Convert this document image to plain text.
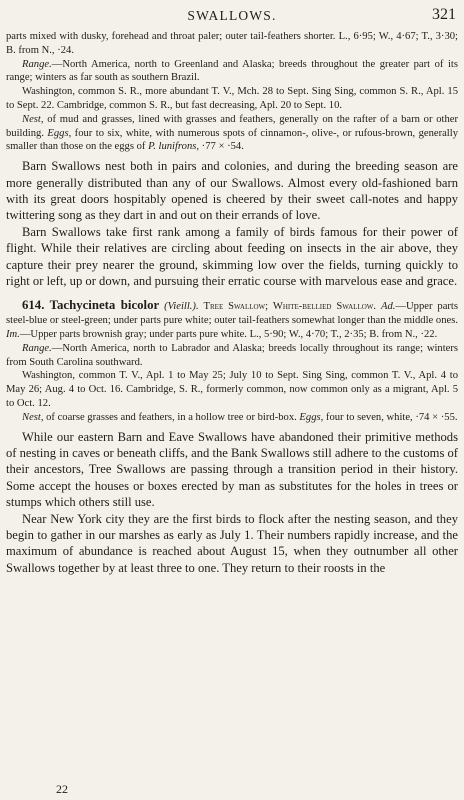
SWALLOWS.	321

parts mixed with dusky, forehead and throat paler; outer tail-feathers shorter. L., 6·95; W., 4·67; T., 3·30; B. from N., ·24.

Range.—North America, north to Greenland and Alaska; breeds throughout the greater part of its range; winters as far south as southern Brazil.

Washington, common S. R., more abundant T. V., Mch. 28 to Sept. Sing Sing, common S. R., Apl. 15 to Sept. 22. Cambridge, common S. R., but fast decreasing, Apl. 20 to Sept. 10.

Nest, of mud and grasses, lined with grasses and feathers, generally on the rafter of a barn or other building. Eggs, four to six, white, with numerous spots of cinnamon-, olive-, or rufous-brown, generally smaller than those on the eggs of P. lunifrons, ·77 × ·54.

Barn Swallows nest both in pairs and colonies, and during the breeding season are more generally distributed than any of our Swallows. Almost every old-fashioned barn with its great doors hospitably opened is cheered by their sweet call-notes and happy twittering song as they dart in and out on their errands of love.

Barn Swallows take first rank among a family of birds famous for their power of flight. While their relatives are circling about feeding on insects in the air above, they capture their prey nearer the ground, skimming low over the fields, turning quickly to right or left, up or down, and pursuing their erratic course with marvelous ease and grace.

614. Tachycineta bicolor (Vieill.). Tree Swallow; White-bellied Swallow. Ad.—Upper parts steel-blue or steel-green; under parts pure white; outer tail-feathers somewhat longer than the middle ones. Im.—Upper parts brownish gray; under parts pure white. L., 5·90; W., 4·70; T., 2·35; B. from N., ·22.

Range.—North America, north to Labrador and Alaska; breeds locally throughout its range; winters from South Carolina southward.

Washington, common T. V., Apl. 1 to May 25; July 10 to Sept. Sing Sing, common T. V., Apl. 4 to May 26; Aug. 4 to Oct. 16. Cambridge, S. R., formerly common, now common only as a migrant, Apl. 5 to Oct. 12.

Nest, of coarse grasses and feathers, in a hollow tree or bird-box. Eggs, four to seven, white, ·74 × ·55.

While our eastern Barn and Eave Swallows have abandoned their primitive methods of nesting in caves or beneath cliffs, and the Bank Swallows still adhere to the customs of their ancestors, Tree Swallows are passing through a transition period in their history. Some accept the houses or boxes erected by man as substitutes for the holes in trees or stumps which others still use.

Near New York city they are the first birds to flock after the nesting season, and they begin to gather in our marshes as early as July 1. Their numbers rapidly increase, and the maximum of abundance is reached about August 15, when they outnumber all other Swallows together by at least three to one. They return to their roosts in the

22
